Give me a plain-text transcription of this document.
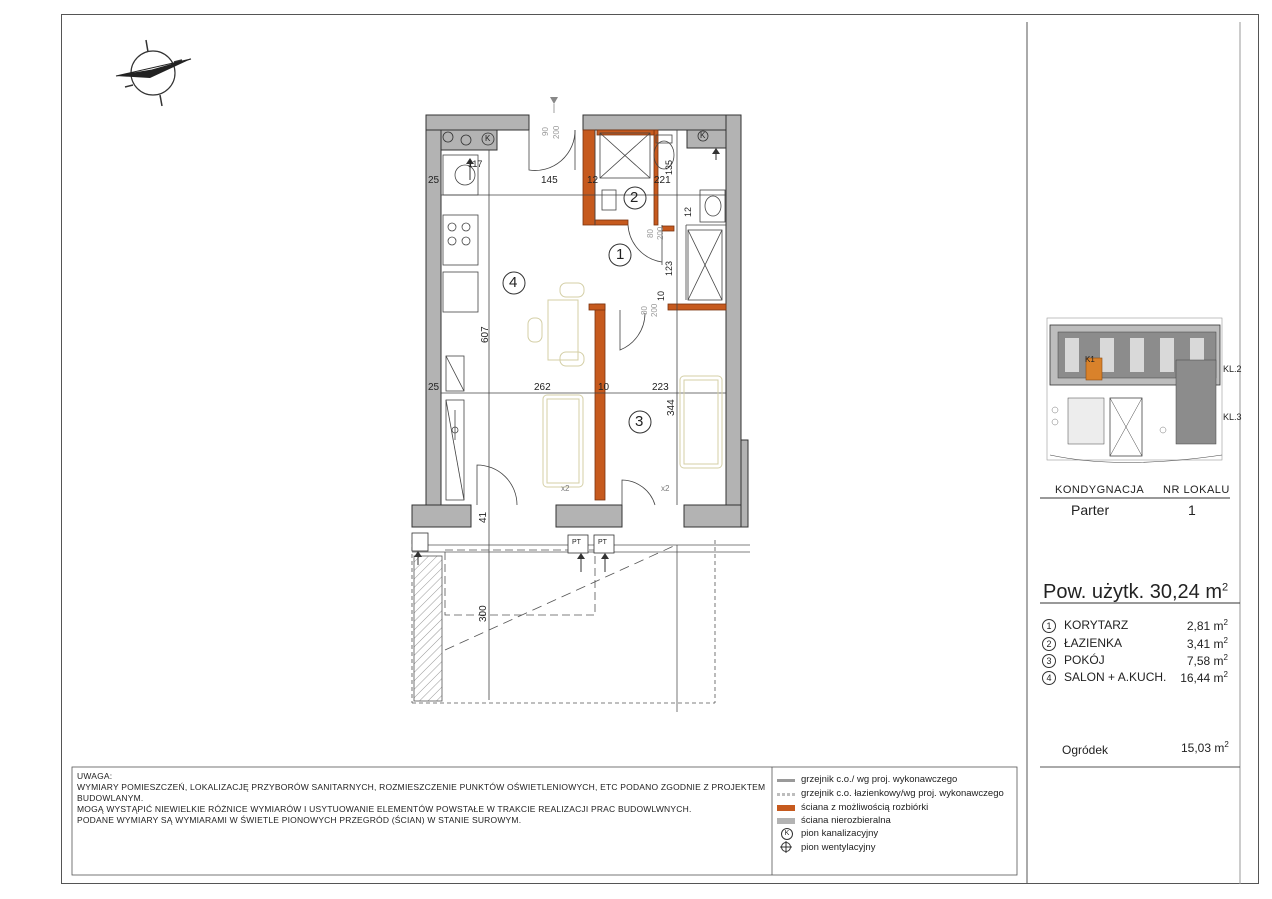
1
2
3
4
25	145	12	221
117	135
12
123
10
607
25	262	10	223
344
41
300
90 200
80 200
80 200
K	K
PT PT
x2	x2
KL.2
KL.3
K1
KONDYGNACJA NR LOKALU
Parter	1
Pow. użytk. 30,24 $m^2$
1	KORYTARZ	2,81 $m^2$
2	ŁAZIENKA	3,41 $m^2$
3	POKÓJ	7,58 $m^2$
4	SALON + A.KUCH. 16,44 $m^2$
Ogródek	15,03 $m^2$
UWAGA:
WYMIARY POMIESZCZEŃ, LOKALIZACJĘ PRZYBORÓW SANITARNYCH, ROZMIESZCZENIE PUNKTÓW OŚWIETLENIOWYCH, ETC PODANO ZGODNIE Z PROJEKTEM
BUDOWLANYM.
MOGĄ WYSTĄPIĆ NIEWIELKIE RÓŻNICE WYMIARÓW I USYTUOWANIE ELEMENTÓW POWSTAŁE W TRAKCIE REALIZACJI PRAC BUDOWLWNYCH.
PODANE WYMIARY SĄ WYMIARAMI W ŚWIETLE PIONOWYCH PRZEGRÓD (ŚCIAN) W STANIE SUROWYM.
grzejnik c.o./ wg proj. wykonawczego
grzejnik c.o. łazienkowy/wg proj. wykonawczego
ściana z możliwością rozbiórki
ściana nierozbieralna
K	pion kanalizacyjny
pion wentylacyjny
